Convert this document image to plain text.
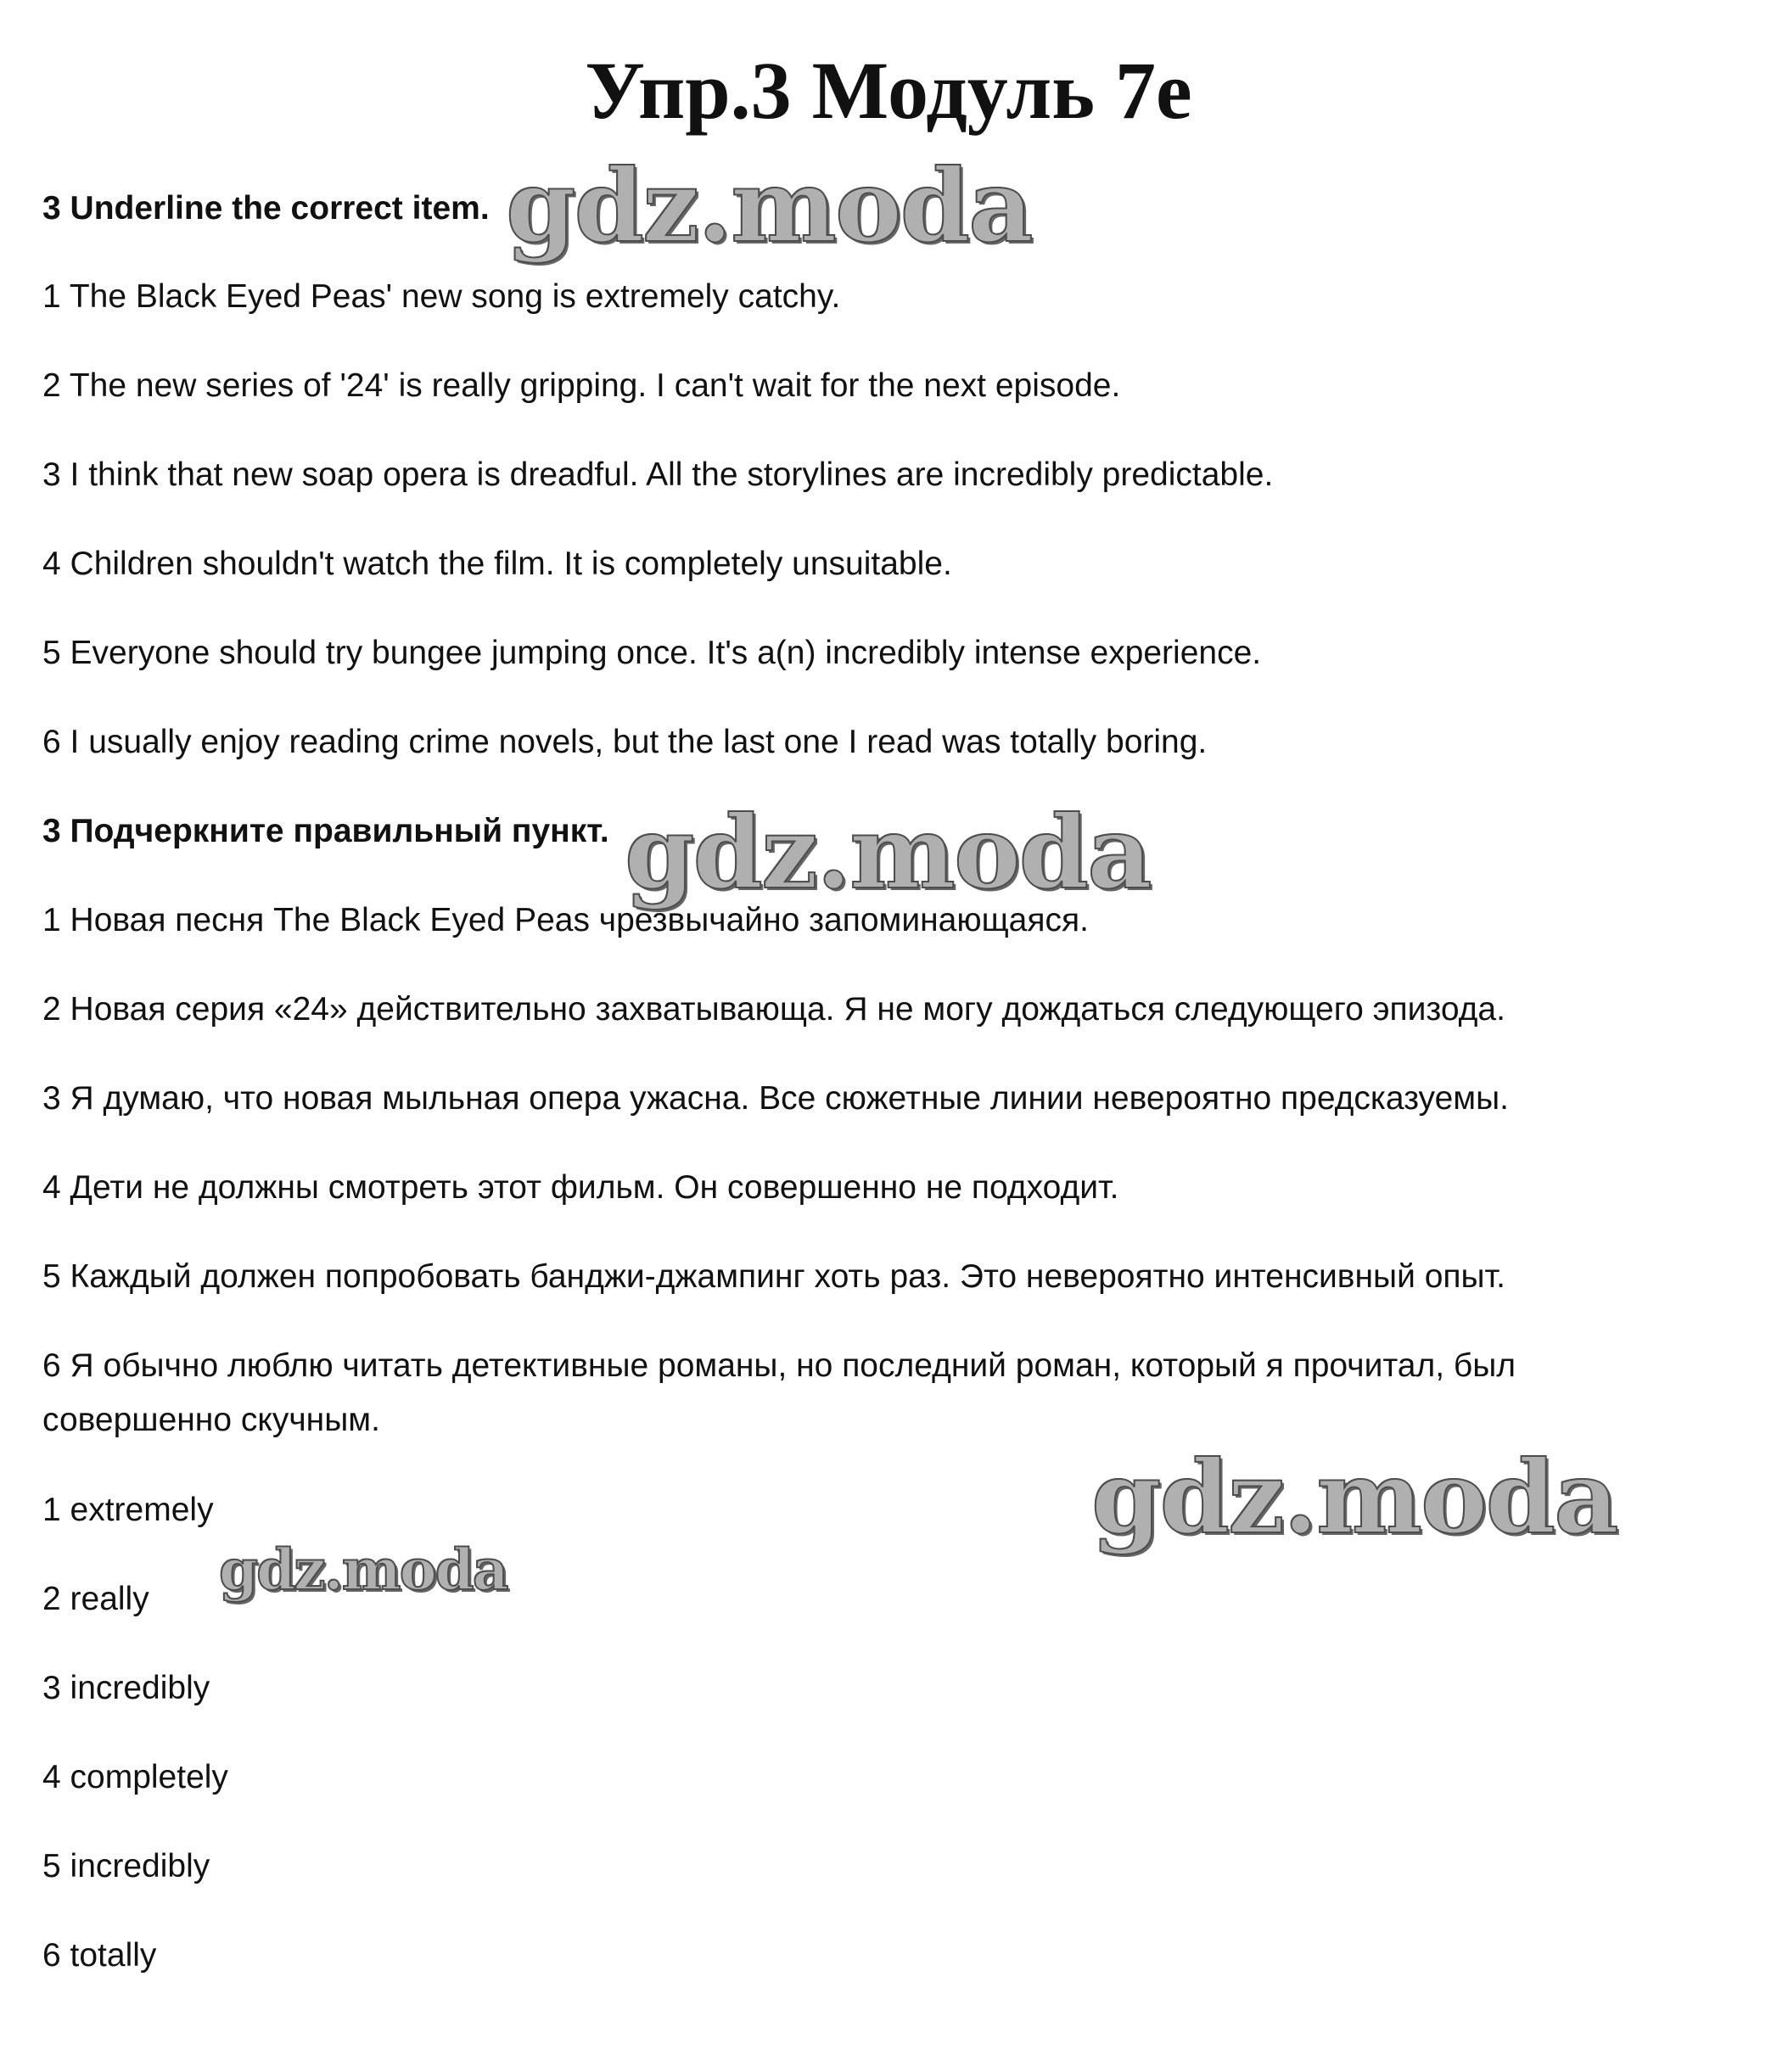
Упр.3 Модуль 7е

3 Underline the correct item.

1 The Black Eyed Peas' new song is extremely catchy.

2 The new series of '24' is really gripping. I can't wait for the next episode.

3 I think that new soap opera is dreadful. All the storylines are incredibly predictable.

4 Children shouldn't watch the film. It is completely unsuitable.

5 Everyone should try bungee jumping once. It's a(n) incredibly intense experience.

6 I usually enjoy reading crime novels, but the last one I read was totally boring.

3 Подчеркните правильный пункт.

1 Новая песня The Black Eyed Peas чрезвычайно запоминающаяся.

2 Новая серия «24» действительно захватывающа. Я не могу дождаться следующего эпизода.

3 Я думаю, что новая мыльная опера ужасна. Все сюжетные линии невероятно предсказуемы.

4 Дети не должны смотреть этот фильм. Он совершенно не подходит.

5 Каждый должен попробовать банджи-джампинг хоть раз. Это невероятно интенсивный опыт.

6 Я обычно люблю читать детективные романы, но последний роман, который я прочитал, был совершенно скучным.

1 extremely

2 really

3 incredibly

4 completely

5 incredibly

6 totally

gdz.moda
gdz.moda
gdz.moda
gdz.moda
